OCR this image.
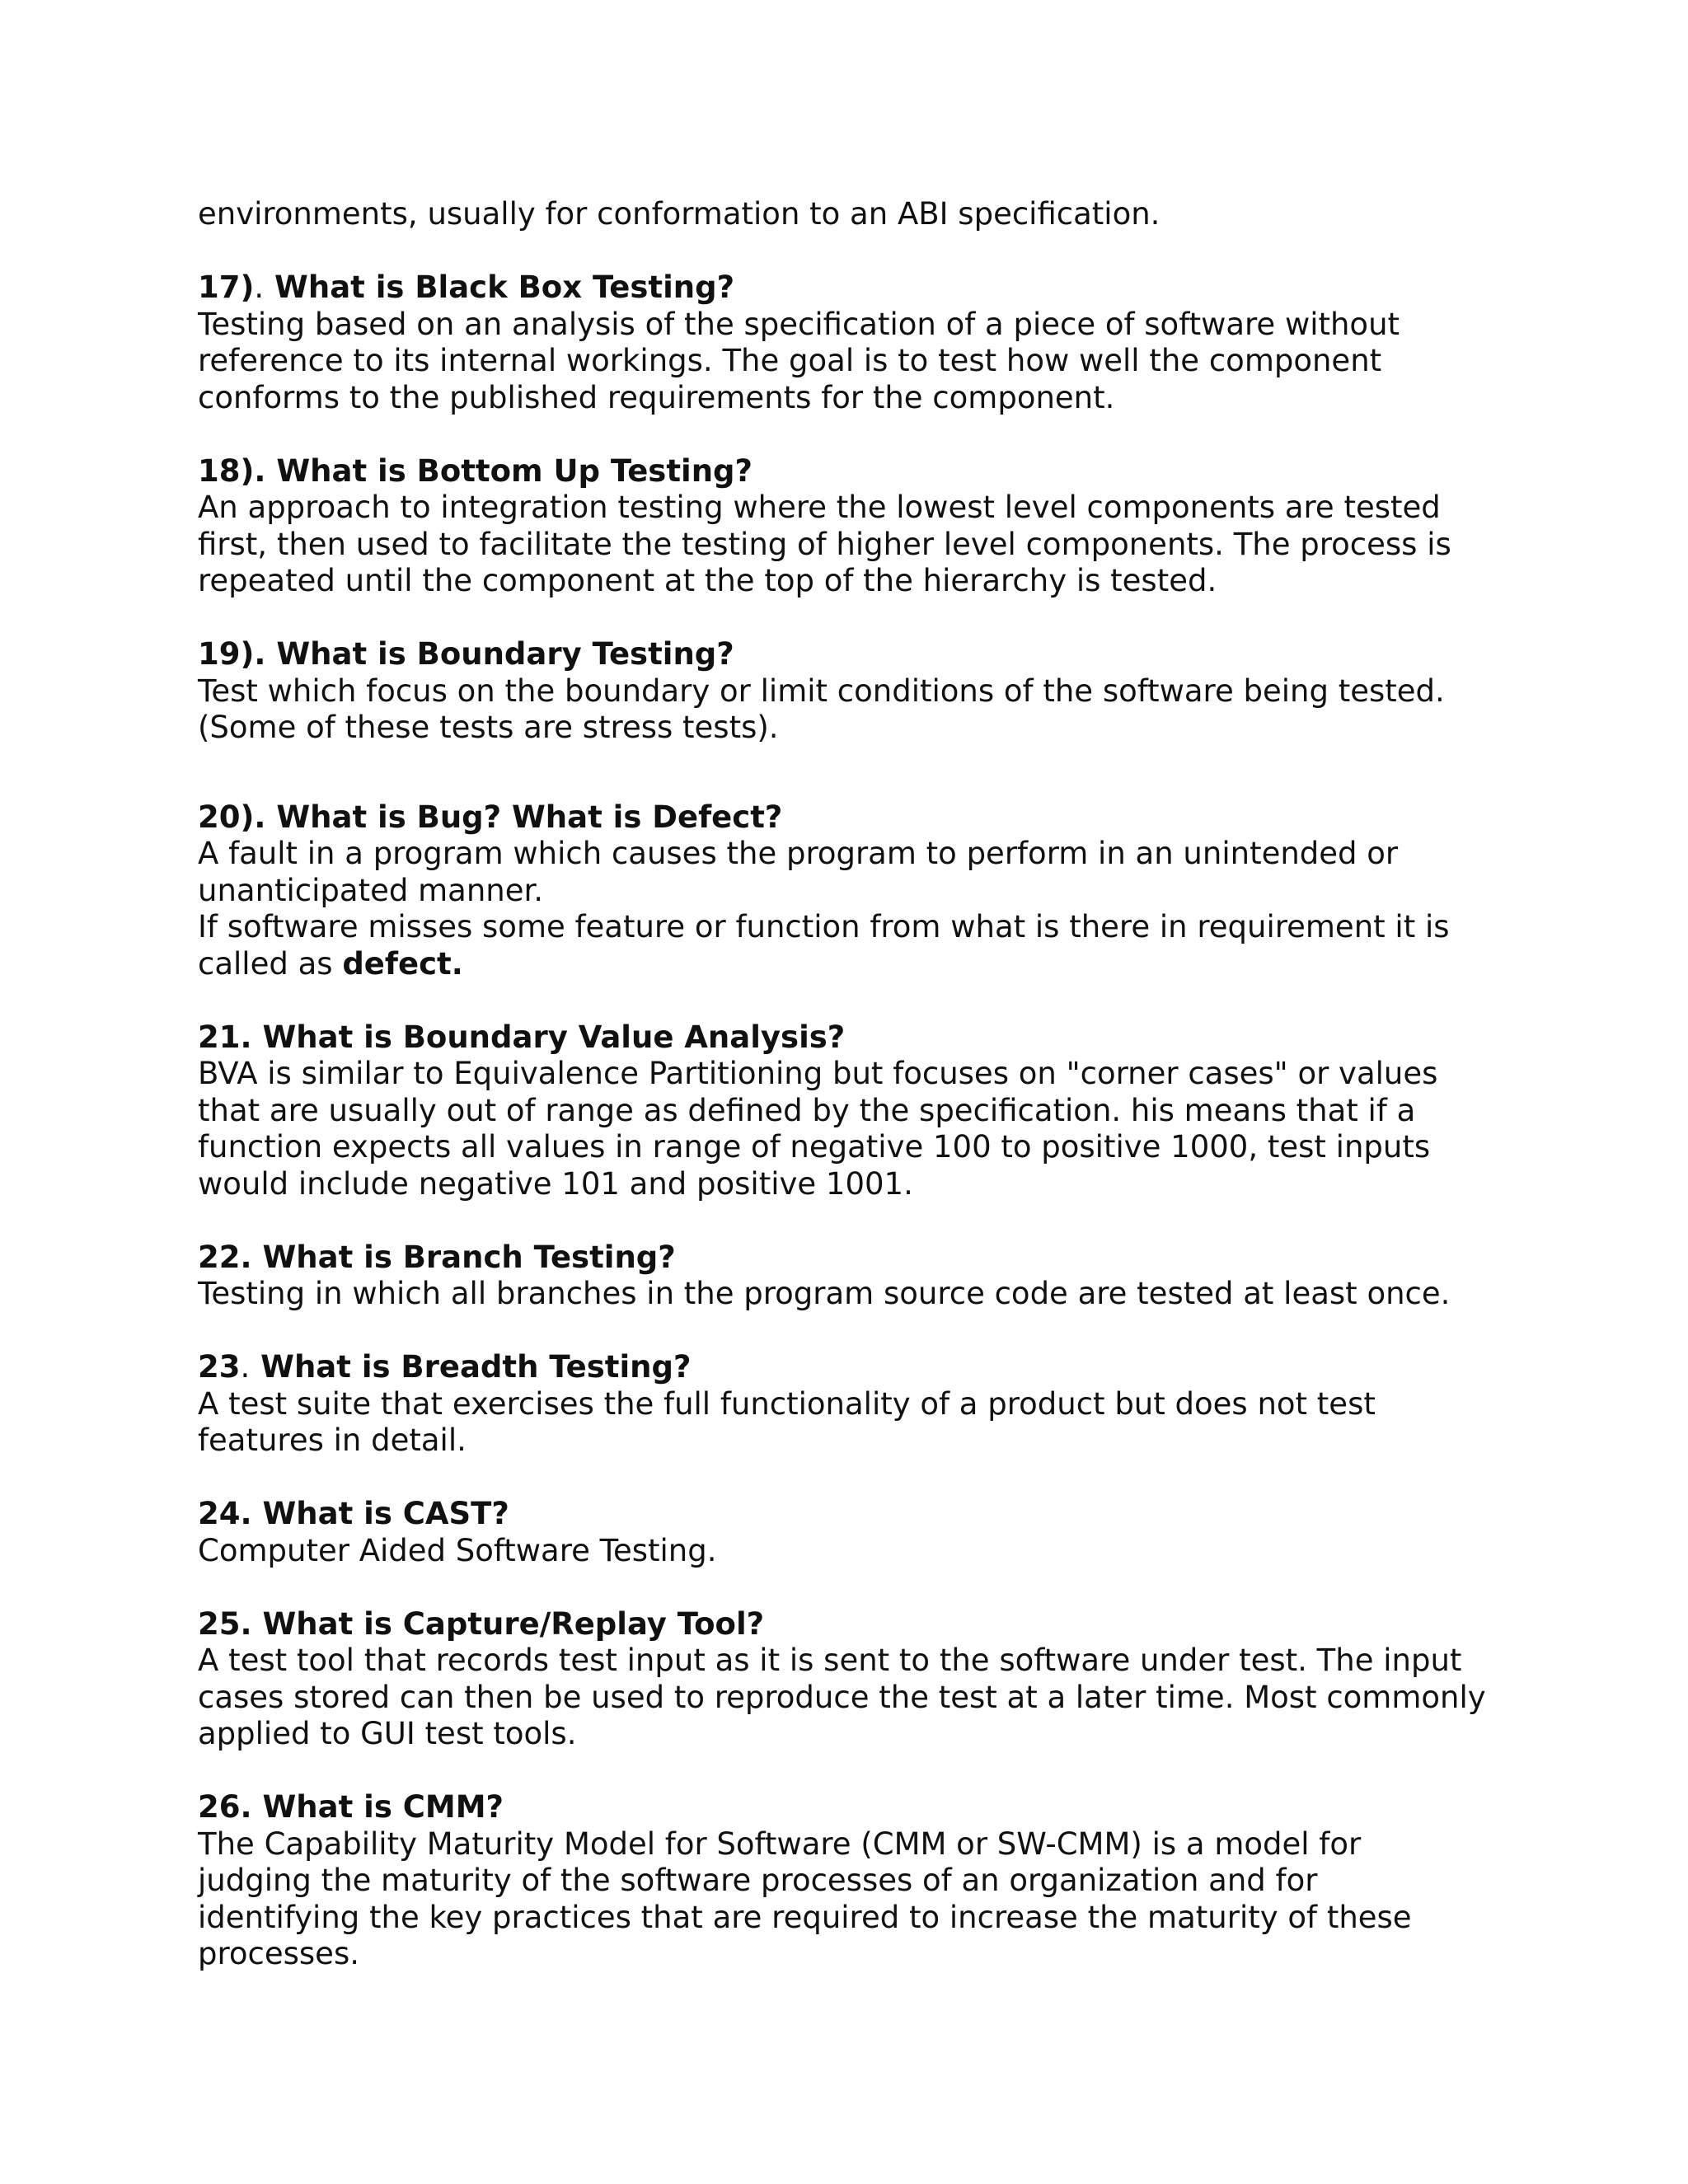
environments, usually for conformation to an ABI specification.
17). What is Black Box Testing?
Testing based on an analysis of the specification of a piece of software without
reference to its internal workings. The goal is to test how well the component
conforms to the published requirements for the component.
18). What is Bottom Up Testing?
An approach to integration testing where the lowest level components are tested
first, then used to facilitate the testing of higher level components. The process is
repeated until the component at the top of the hierarchy is tested.
19). What is Boundary Testing?
Test which focus on the boundary or limit conditions of the software being tested.
(Some of these tests are stress tests).
20). What is Bug? What is Defect?
A fault in a program which causes the program to perform in an unintended or
unanticipated manner.
If software misses some feature or function from what is there in requirement it is
called as defect.
21. What is Boundary Value Analysis?
BVA is similar to Equivalence Partitioning but focuses on "corner cases" or values
that are usually out of range as defined by the specification. his means that if a
function expects all values in range of negative 100 to positive 1000, test inputs
would include negative 101 and positive 1001.
22. What is Branch Testing?
Testing in which all branches in the program source code are tested at least once.
23. What is Breadth Testing?
A test suite that exercises the full functionality of a product but does not test
features in detail.
24. What is CAST?
Computer Aided Software Testing.
25. What is Capture/Replay Tool?
A test tool that records test input as it is sent to the software under test. The input
cases stored can then be used to reproduce the test at a later time. Most commonly
applied to GUI test tools.
26. What is CMM?
The Capability Maturity Model for Software (CMM or SW-CMM) is a model for
judging the maturity of the software processes of an organization and for
identifying the key practices that are required to increase the maturity of these
processes.
